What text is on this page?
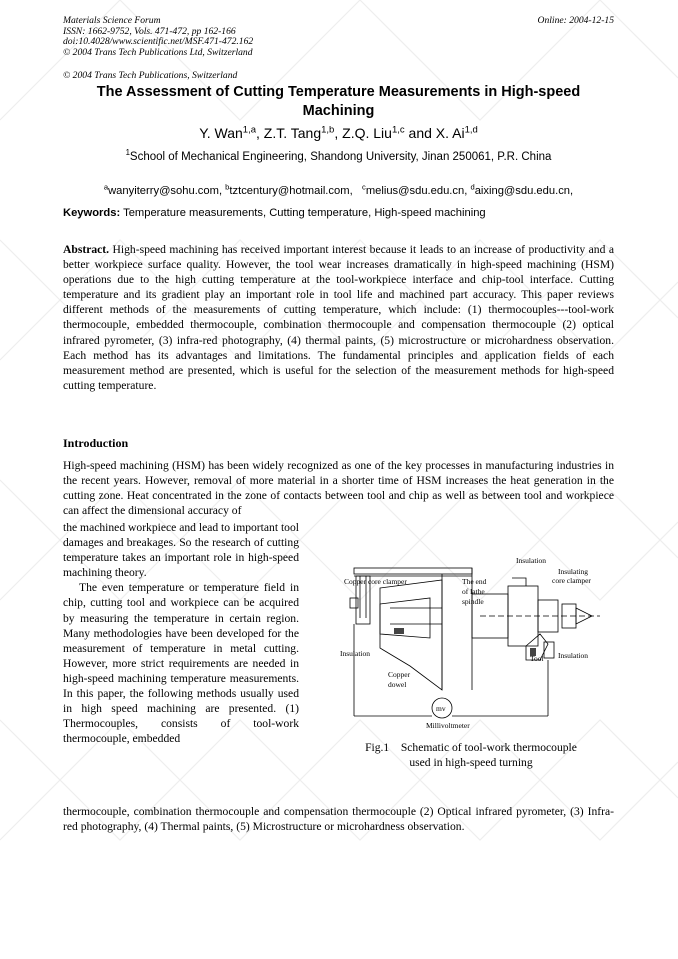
Materials Science Forum
ISSN: 1662-9752, Vols. 471-472, pp 162-166
doi:10.4028/www.scientific.net/MSF.471-472.162
© 2004 Trans Tech Publications Ltd, Switzerland
Online: 2004-12-15
© 2004 Trans Tech Publications, Switzerland
The Assessment of Cutting Temperature Measurements in High-speed Machining
Y. Wan$^{1,a}$, Z.T. Tang$^{1,b}$, Z.Q. Liu$^{1,c}$ and X. Ai$^{1,d}$
$^1$School of Mechanical Engineering, Shandong University, Jinan 250061, P.R. China

$^a$wanyiterry@sohu.com, $^b$tztcentury@hotmail.com,   $^c$melius@sdu.edu.cn, $^d$aixing@sdu.edu.cn,

Keywords: Temperature measurements, Cutting temperature, High-speed machining

Abstract. High-speed machining has received important interest because it leads to an increase of productivity and a better workpiece surface quality. However, the tool wear increases dramatically in high-speed machining (HSM) operations due to the high cutting temperature at the tool-workpiece interface and chip-tool interface. Cutting temperature and its gradient play an important role in tool life and machined part accuracy. This paper reviews different methods of the measurements of cutting temperature, which include: (1) thermocouples---tool-work thermocouple, embedded thermocouple, combination thermocouple and compensation thermocouple (2) optical infrared pyrometer, (3) infra-red photography, (4) thermal paints, (5) microstructure or microhardness observation. Each method has its advantages and limitations. The fundamental principles and application fields of each measurement method are presented, which is useful for the selection of the measurement methods for high-speed cutting temperature.

Introduction

High-speed machining (HSM) has been widely recognized as one of the key processes in manufacturing industries in the recent years. However, removal of more material in a shorter time of HSM increases the heat generation in the cutting zone. Heat concentrated in the zone of contacts between tool and chip as well as between tool and workpiece can affect the dimensional accuracy of

the machined workpiece and lead to important tool damages and breakages. So the research of cutting temperature takes an important role in high-speed machining theory.

The even temperature or temperature field in chip, cutting tool and workpiece can be acquired by measuring the temperature in certain region. Many methodologies have been developed for the measurement of temperature in metal cutting. However, more strict requirements are needed in high-speed machining temperature measurements. In this paper, the following methods usually used in high speed machining are presented. (1) Thermocouples, consists of tool-work thermocouple, embedded

thermocouple, combination thermocouple and compensation thermocouple (2) Optical infrared pyrometer, (3) Infra-red photography, (4) Thermal paints, (5) Microstructure or microhardness observation.

Insulation
Insulating
core clamper
Copper core clamper	The end
of lathe
spindle
Insulation
Tool Insulation
Copper
dowel
mv
Millivoltmeter
Fig.1    Schematic of tool-work thermocouple
used in high-speed turning
